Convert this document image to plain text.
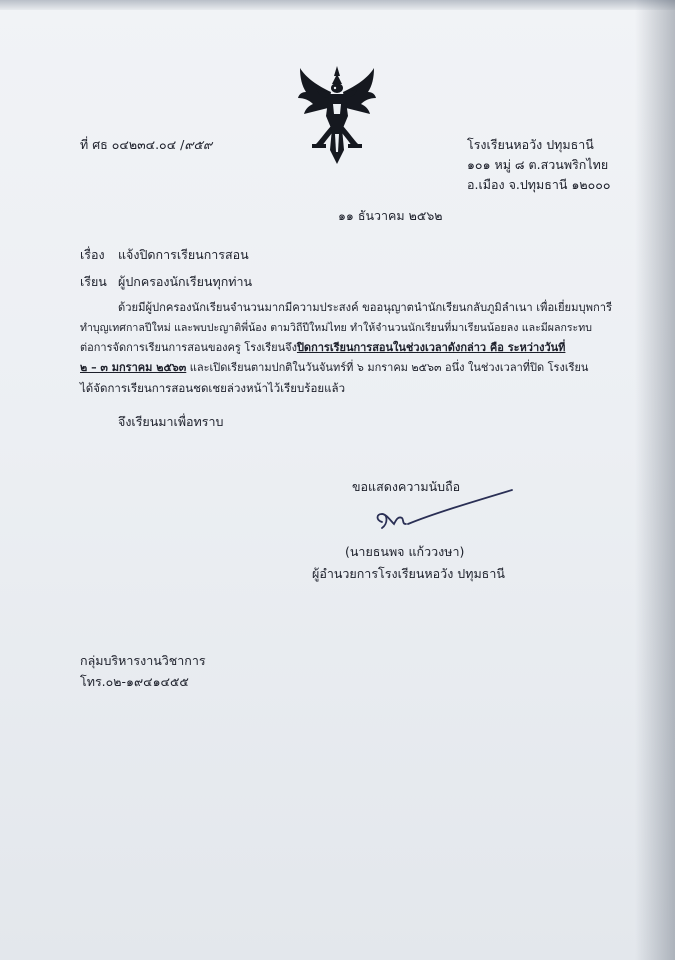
ที่ ศธ ๐๔๒๓๔.๐๔ /๙๕๙	โรงเรียนหอวัง ปทุมธานี
๑๐๑ หมู่ ๘ ต.สวนพริกไทย
อ.เมือง จ.ปทุมธานี ๑๒๐๐๐
๑๑ ธันวาคม ๒๕๖๒
เรื่อง แจ้งปิดการเรียนการสอน
เรียน ผู้ปกครองนักเรียนทุกท่าน
ด้วยมีผู้ปกครองนักเรียนจำนวนมากมีความประสงค์ ขออนุญาตนำนักเรียนกลับภูมิลำเนา เพื่อเยี่ยมบุพการี
ทำบุญเทศกาลปีใหม่ และพบปะญาติพี่น้อง ตามวิถีปีใหม่ไทย ทำให้จำนวนนักเรียนที่มาเรียนน้อยลง และมีผลกระทบ
ต่อการจัดการเรียนการสอนของครู โรงเรียนจึงปิดการเรียนการสอนในช่วงเวลาดังกล่าว คือ ระหว่างวันที่
๒ – ๓ มกราคม ๒๕๖๓ และเปิดเรียนตามปกติในวันจันทร์ที่ ๖ มกราคม ๒๕๖๓ อนึ่ง ในช่วงเวลาที่ปิด โรงเรียน
ได้จัดการเรียนการสอนชดเชยล่วงหน้าไว้เรียบร้อยแล้ว
จึงเรียนมาเพื่อทราบ
ขอแสดงความนับถือ
ปิวพ
(นายธนพจ แก้ววงษา)
ผู้อำนวยการโรงเรียนหอวัง ปทุมธานี
กลุ่มบริหารงานวิชาการ
โทร.๐๒-๑๙๔๑๔๕๕
